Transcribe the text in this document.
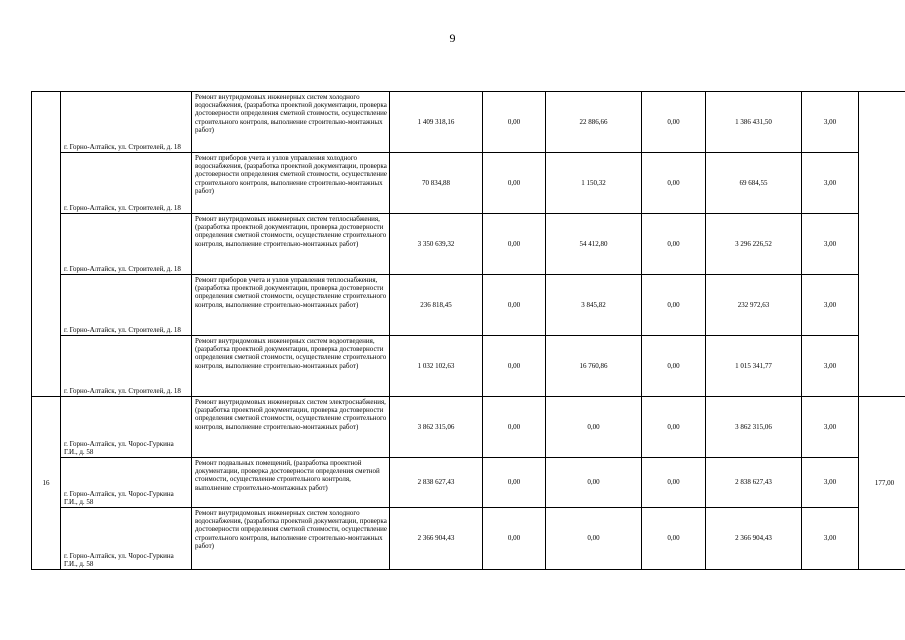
9
	г. Горно-Алтайск, ул. Строителей, д. 18	Ремонт внутридомовых инженерных систем холодного водоснабжения, (разработка проектной документации, проверка достоверности определения сметной стоимости, осуществление строительного контроля, выполнение строительно-монтажных работ)	1 409 318,16	0,00	22 886,66	0,00	1 386 431,50	3,00	
	г. Горно-Алтайск, ул. Строителей, д. 18	Ремонт приборов учета и узлов управления холодного водоснабжения, (разработка проектной документации, проверка достоверности определения сметной стоимости, осуществление строительного контроля, выполнение строительно-монтажных работ)	70 834,88	0,00	1 150,32	0,00	69 684,55	3,00	
	г. Горно-Алтайск, ул. Строителей, д. 18	Ремонт внутридомовых инженерных систем теплоснабжения, (разработка проектной документации, проверка достоверности определения сметной стоимости, осуществление строительного контроля, выполнение строительно-монтажных работ)	3 350 639,32	0,00	54 412,80	0,00	3 296 226,52	3,00	
	г. Горно-Алтайск, ул. Строителей, д. 18	Ремонт приборов учета и узлов управления теплоснабжения, (разработка проектной документации, проверка достоверности определения сметной стоимости, осуществление строительного контроля, выполнение строительно-монтажных работ)	236 818,45	0,00	3 845,82	0,00	232 972,63	3,00	
	г. Горно-Алтайск, ул. Строителей, д. 18	Ремонт внутридомовых инженерных систем водоотведения, (разработка проектной документации, проверка достоверности определения сметной стоимости, осуществление строительного контроля, выполнение строительно-монтажных работ)	1 032 102,63	0,00	16 760,86	0,00	1 015 341,77	3,00	
16	г. Горно-Алтайск, ул. Чорос-Гуркина Г.И., д. 58	Ремонт внутридомовых инженерных систем электроснабжения, (разработка проектной документации, проверка достоверности определения сметной стоимости, осуществление строительного контроля, выполнение строительно-монтажных работ)	3 862 315,06	0,00	0,00	0,00	3 862 315,06	3,00	177,00
	г. Горно-Алтайск, ул. Чорос-Гуркина Г.И., д. 58	Ремонт подвальных помещений, (разработка проектной документации, проверка достоверности определения сметной стоимости, осуществление строительного контроля, выполнение строительно-монтажных работ)	2 838 627,43	0,00	0,00	0,00	2 838 627,43	3,00	
	г. Горно-Алтайск, ул. Чорос-Гуркина Г.И., д. 58	Ремонт внутридомовых инженерных систем холодного водоснабжения, (разработка проектной документации, проверка достоверности определения сметной стоимости, осуществление строительного контроля, выполнение строительно-монтажных работ)	2 366 904,43	0,00	0,00	0,00	2 366 904,43	3,00	
